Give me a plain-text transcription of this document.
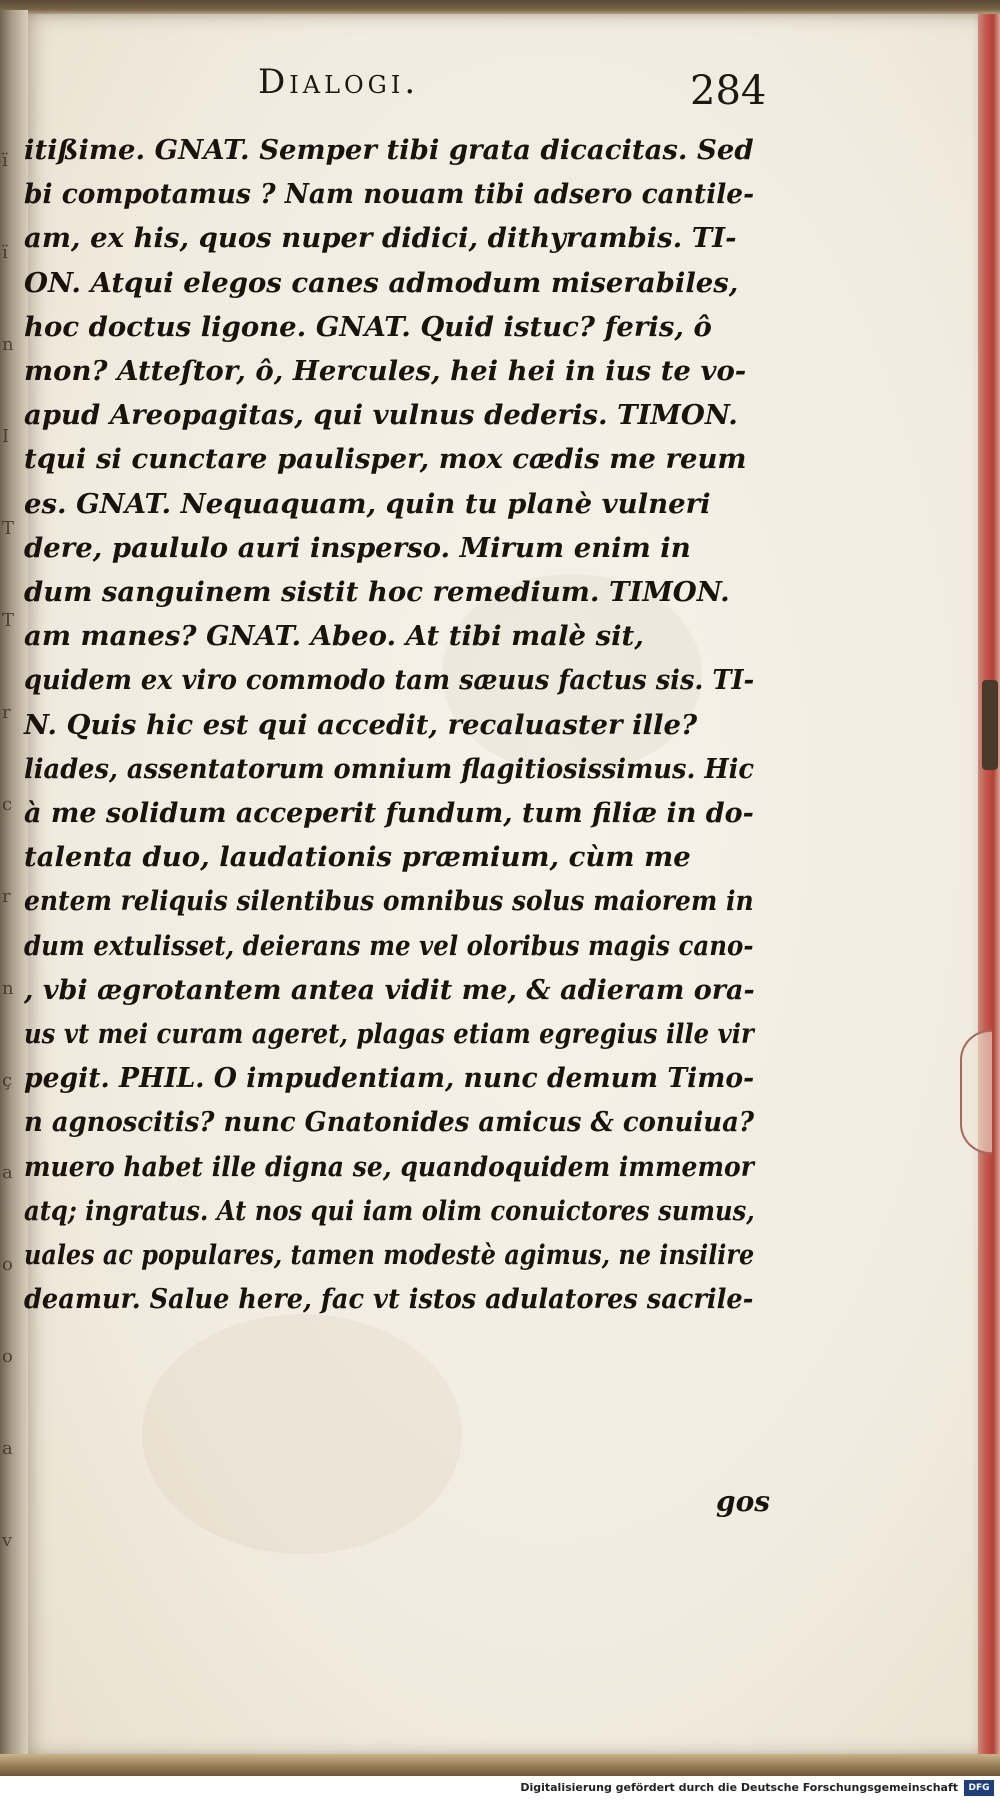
ï
ï
n
I
T
T
r
c
r
n
ç
a
o
o
a
v
Dialogi.	284
itißime. GNAT. Semper tibi grata dicacitas. Sed
bi compotamus ? Nam nouam tibi adsero cantile-
am, ex his, quos nuper didici, dithyrambis. TI-
ON. Atqui elegos canes admodum miserabiles,
hoc doctus ligone. GNAT. Quid istuc? feris, ô
mon? Atteſtor, ô, Hercules, hei hei in ius te vo-
apud Areopagitas, qui vulnus dederis. TIMON.
tqui si cunctare paulisper, mox cædis me reum
es. GNAT. Nequaquam, quin tu planè vulneri
dere, paululo auri insperso. Mirum enim in
dum sanguinem sistit hoc remedium. TIMON.
am manes? GNAT. Abeo. At tibi malè sit,
quidem ex viro commodo tam sæuus factus sis. TI-
N. Quis hic est qui accedit, recaluaster ille?
liades, assentatorum omnium flagitiosissimus. Hic
à me solidum acceperit fundum, tum filiæ in do-
talenta duo, laudationis præmium, cùm me
entem reliquis silentibus omnibus solus maiorem in
dum extulisset, deierans me vel oloribus magis cano-
, vbi ægrotantem antea vidit me, & adieram ora-
us vt mei curam ageret, plagas etiam egregius ille vir
pegit. PHIL. O impudentiam, nunc demum Timo-
n agnoscitis? nunc Gnatonides amicus & conuiua?
muero habet ille digna se, quandoquidem immemor
atq; ingratus. At nos qui iam olim conuictores sumus,
uales ac populares, tamen modestè agimus, ne insilire
deamur. Salue here, fac vt istos adulatores sacrile-
gos
Digitalisierung gefördert durch die Deutsche Forschungsgemeinschaft	DFG
